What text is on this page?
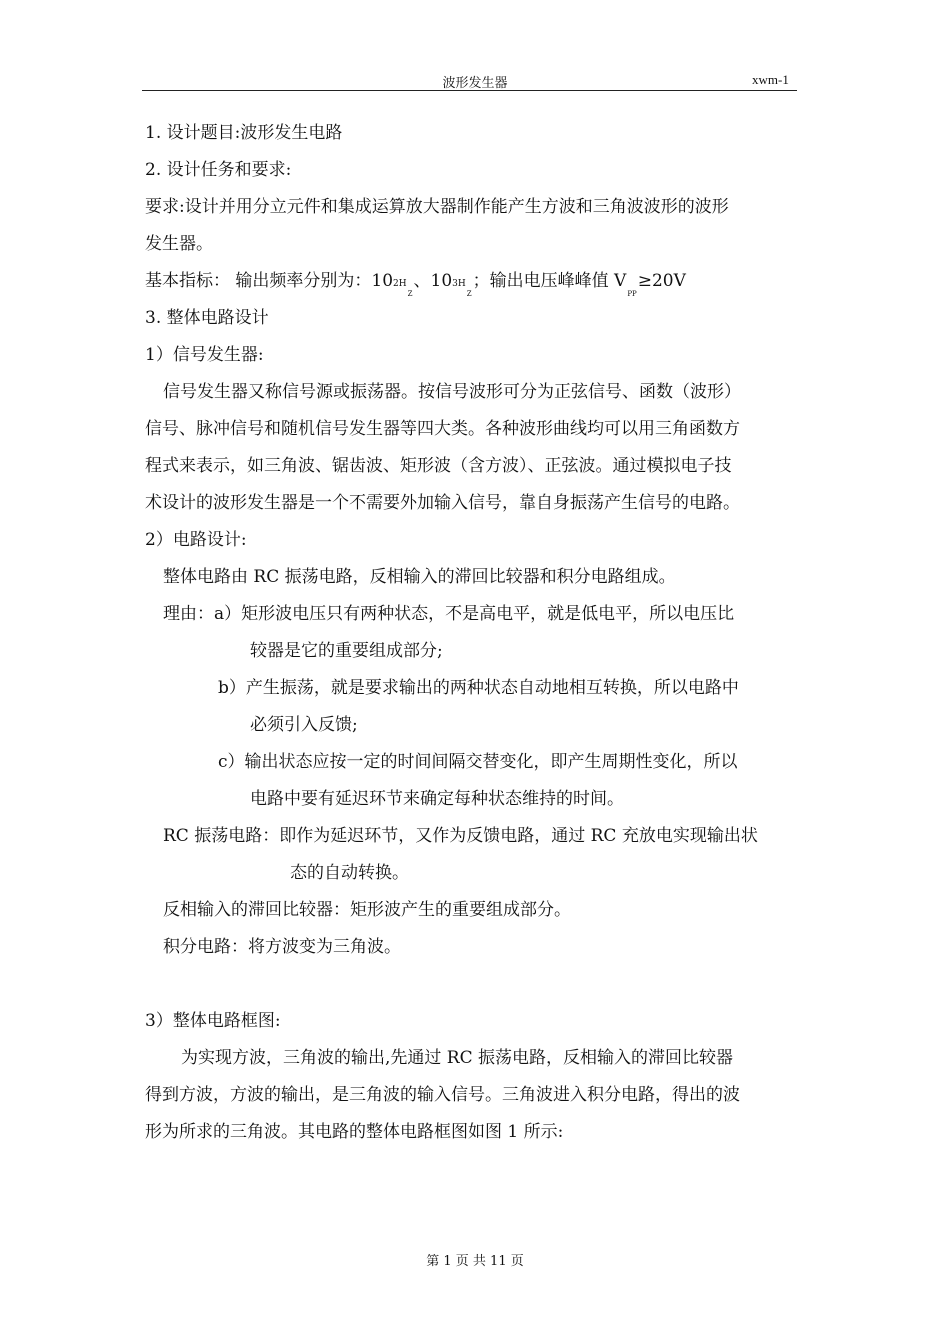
波形发生器	xwm-1
1. 设计题目:波形发生电路
2. 设计任务和要求:
要求:设计并用分立元件和集成运算放大器制作能产生方波和三角波波形的波形
发生器。
基本指标： 输出频率分别为：$102H_Z$、$103H_Z$；输出电压峰峰值 $V_{PP}\ge 20V$
3. 整体电路设计
1）信号发生器:
信号发生器又称信号源或振荡器。按信号波形可分为正弦信号、函数（波形）
信号、脉冲信号和随机信号发生器等四大类。各种波形曲线均可以用三角函数方
程式来表示，如三角波、锯齿波、矩形波（含方波）、正弦波。通过模拟电子技
术设计的波形发生器是一个不需要外加输入信号，靠自身振荡产生信号的电路。
2）电路设计:
整体电路由 RC 振荡电路，反相输入的滞回比较器和积分电路组成。
理由：a）矩形波电压只有两种状态，不是高电平，就是低电平，所以电压比
较器是它的重要组成部分;
b）产生振荡，就是要求输出的两种状态自动地相互转换，所以电路中
必须引入反馈;
c）输出状态应按一定的时间间隔交替变化，即产生周期性变化，所以
电路中要有延迟环节来确定每种状态维持的时间。
RC 振荡电路：即作为延迟环节，又作为反馈电路，通过 RC 充放电实现输出状
态的自动转换。
反相输入的滞回比较器：矩形波产生的重要组成部分。
积分电路：将方波变为三角波。
3）整体电路框图:
为实现方波，三角波的输出,先通过 RC 振荡电路，反相输入的滞回比较器
得到方波，方波的输出，是三角波的输入信号。三角波进入积分电路，得出的波
形为所求的三角波。其电路的整体电路框图如图 1 所示:
第 1 页 共 11 页
